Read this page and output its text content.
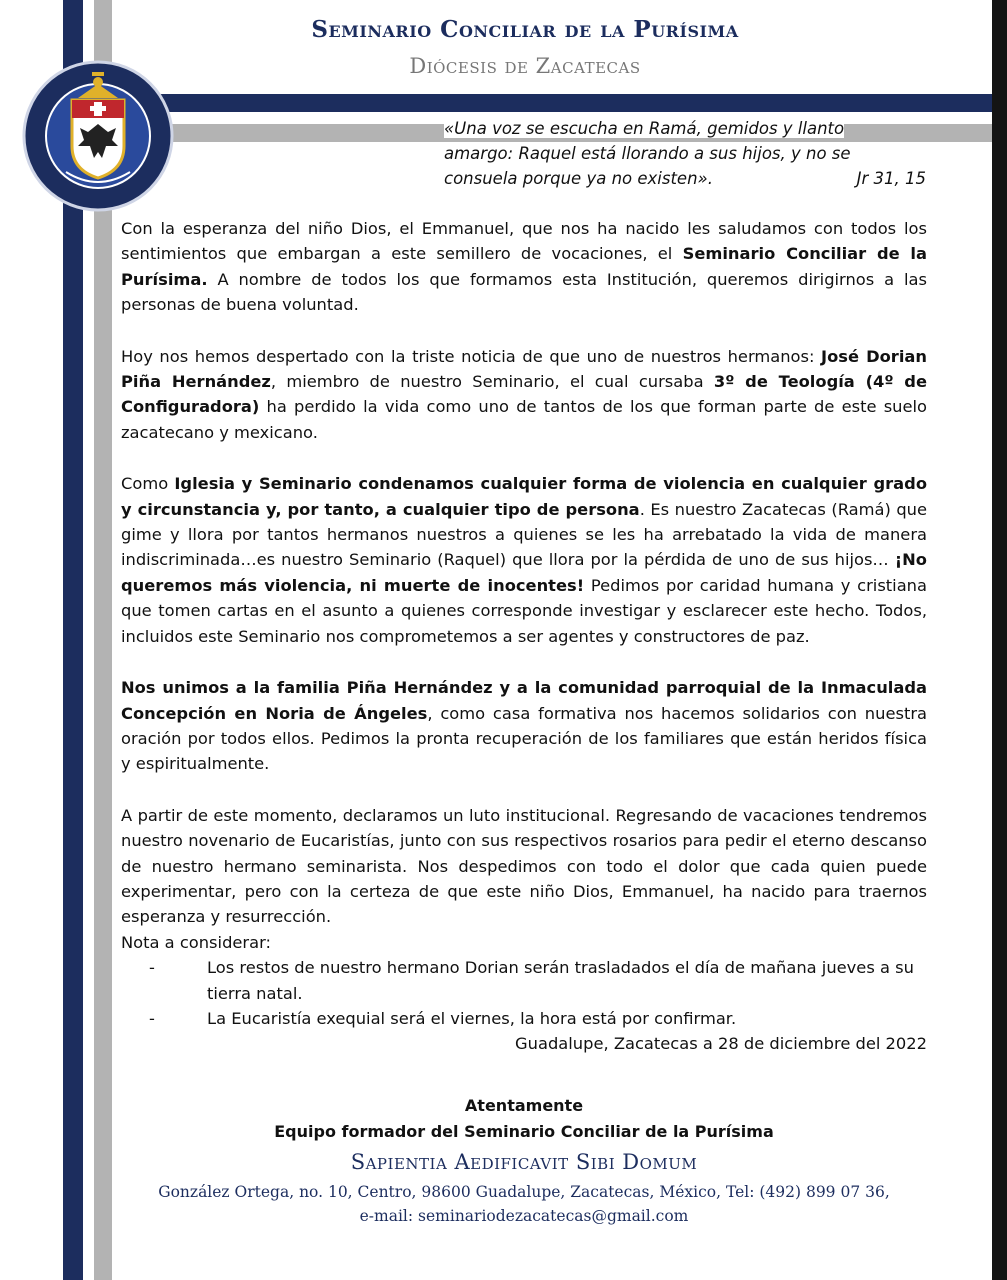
Seminario Conciliar de la Purísima
Diócesis de Zacatecas
«Una voz se escucha en Ramá, gemidos y llanto
amargo: Raquel está llorando a sus hijos, y no se
consuela porque ya no existen».	Jr 31, 15

Con la esperanza del niño Dios, el Emmanuel, que nos ha nacido les saludamos con todos los sentimientos que embargan a este semillero de vocaciones, el Seminario Conciliar de la Purísima. A nombre de todos los que formamos esta Institución, queremos dirigirnos a las personas de buena voluntad.

Hoy nos hemos despertado con la triste noticia de que uno de nuestros hermanos: José Dorian Piña Hernández, miembro de nuestro Seminario, el cual cursaba 3º de Teología (4º de Configuradora) ha perdido la vida como uno de tantos de los que forman parte de este suelo zacatecano y mexicano.

Como Iglesia y Seminario condenamos cualquier forma de violencia en cualquier grado y circunstancia y, por tanto, a cualquier tipo de persona. Es nuestro Zacatecas (Ramá) que gime y llora por tantos hermanos nuestros a quienes se les ha arrebatado la vida de manera indiscriminada…es nuestro Seminario (Raquel) que llora por la pérdida de uno de sus hijos… ¡No queremos más violencia, ni muerte de inocentes! Pedimos por caridad humana y cristiana que tomen cartas en el asunto a quienes corresponde investigar y esclarecer este hecho. Todos, incluidos este Seminario nos comprometemos a ser agentes y constructores de paz.

Nos unimos a la familia Piña Hernández y a la comunidad parroquial de la Inmaculada Concepción en Noria de Ángeles, como casa formativa nos hacemos solidarios con nuestra oración por todos ellos. Pedimos la pronta recuperación de los familiares que están heridos física y espiritualmente.

A partir de este momento, declaramos un luto institucional. Regresando de vacaciones tendremos nuestro novenario de Eucaristías, junto con sus respectivos rosarios para pedir el eterno descanso de nuestro hermano seminarista. Nos despedimos con todo el dolor que cada quien puede experimentar, pero con la certeza de que este niño Dios, Emmanuel, ha nacido para traernos esperanza y resurrección.

Nota a considerar:
-	Los restos de nuestro hermano Dorian serán trasladados el día de mañana jueves a su tierra natal.
-	La Eucaristía exequial será el viernes, la hora está por confirmar.
Guadalupe, Zacatecas a 28 de diciembre del 2022
Atentamente
Equipo formador del Seminario Conciliar de la Purísima
Sapientia Aedificavit Sibi Domum
González Ortega, no. 10, Centro, 98600 Guadalupe, Zacatecas, México, Tel: (492) 899 07 36,
e-mail: seminariodezacatecas@gmail.com
